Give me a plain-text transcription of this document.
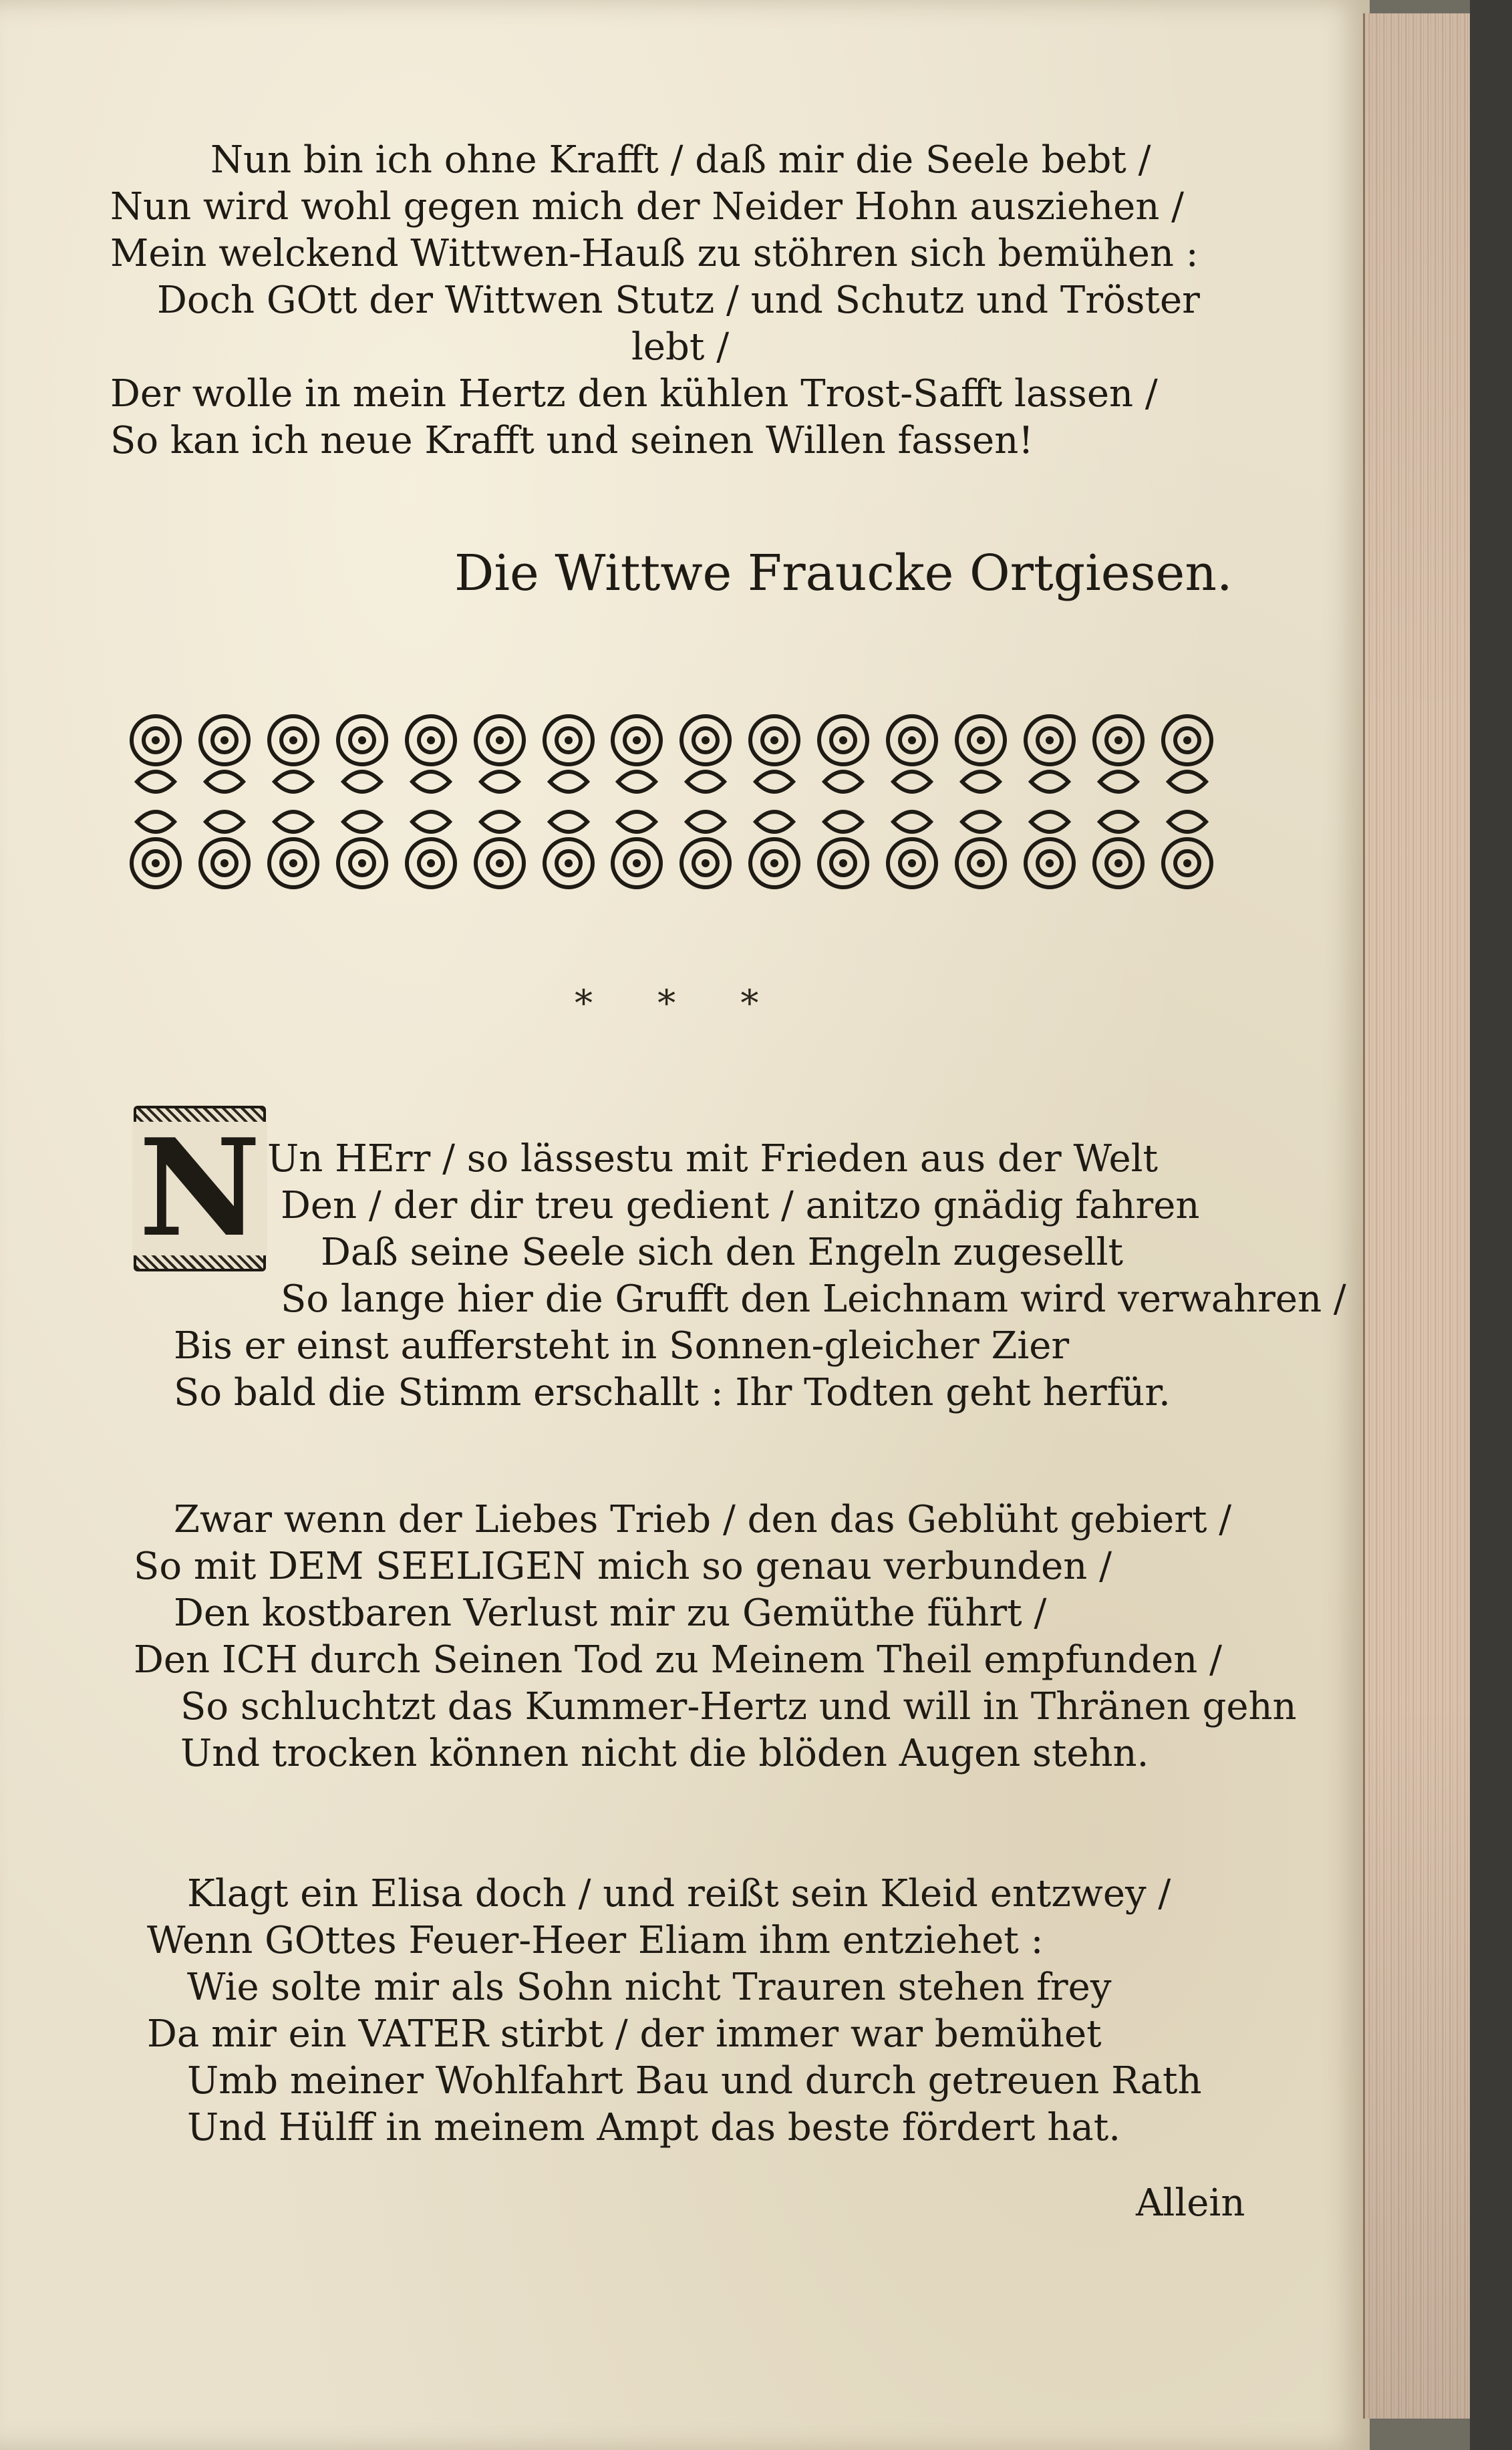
Nun bin ich ohne Krafft / daß mir die Seele bebt /
Nun wird wohl gegen mich der Neider Hohn ausziehen /
Mein welckend Wittwen-Hauß zu stöhren sich bemühen :
Doch GOtt der Wittwen Stutz / und Schutz und Tröster
lebt /
Der wolle in mein Hertz den kühlen Trost-Safft lassen /
So kan ich neue Krafft und seinen Willen fassen!
Die Wittwe Fraucke Ortgiesen.
* * *
N Un HErr / so lässestu mit Frieden aus der Welt
Den / der dir treu gedient / anitzo gnädig fahren
Daß seine Seele sich den Engeln zugesellt
So lange hier die Grufft den Leichnam wird verwahren /
Bis er einst auffersteht in Sonnen-gleicher Zier
So bald die Stimm erschallt : Ihr Todten geht herfür.
Zwar wenn der Liebes Trieb / den das Geblüht gebiert /
So mit DEM SEELIGEN mich so genau verbunden /
Den kostbaren Verlust mir zu Gemüthe führt /
Den ICH durch Seinen Tod zu Meinem Theil empfunden /
So schluchtzt das Kummer-Hertz und will in Thränen gehn
Und trocken können nicht die blöden Augen stehn.
Klagt ein Elisa doch / und reißt sein Kleid entzwey /
Wenn GOttes Feuer-Heer Eliam ihm entziehet :
Wie solte mir als Sohn nicht Trauren stehen frey
Da mir ein VATER stirbt / der immer war bemühet
Umb meiner Wohlfahrt Bau und durch getreuen Rath
Und Hülff in meinem Ampt das beste fördert hat.
Allein
